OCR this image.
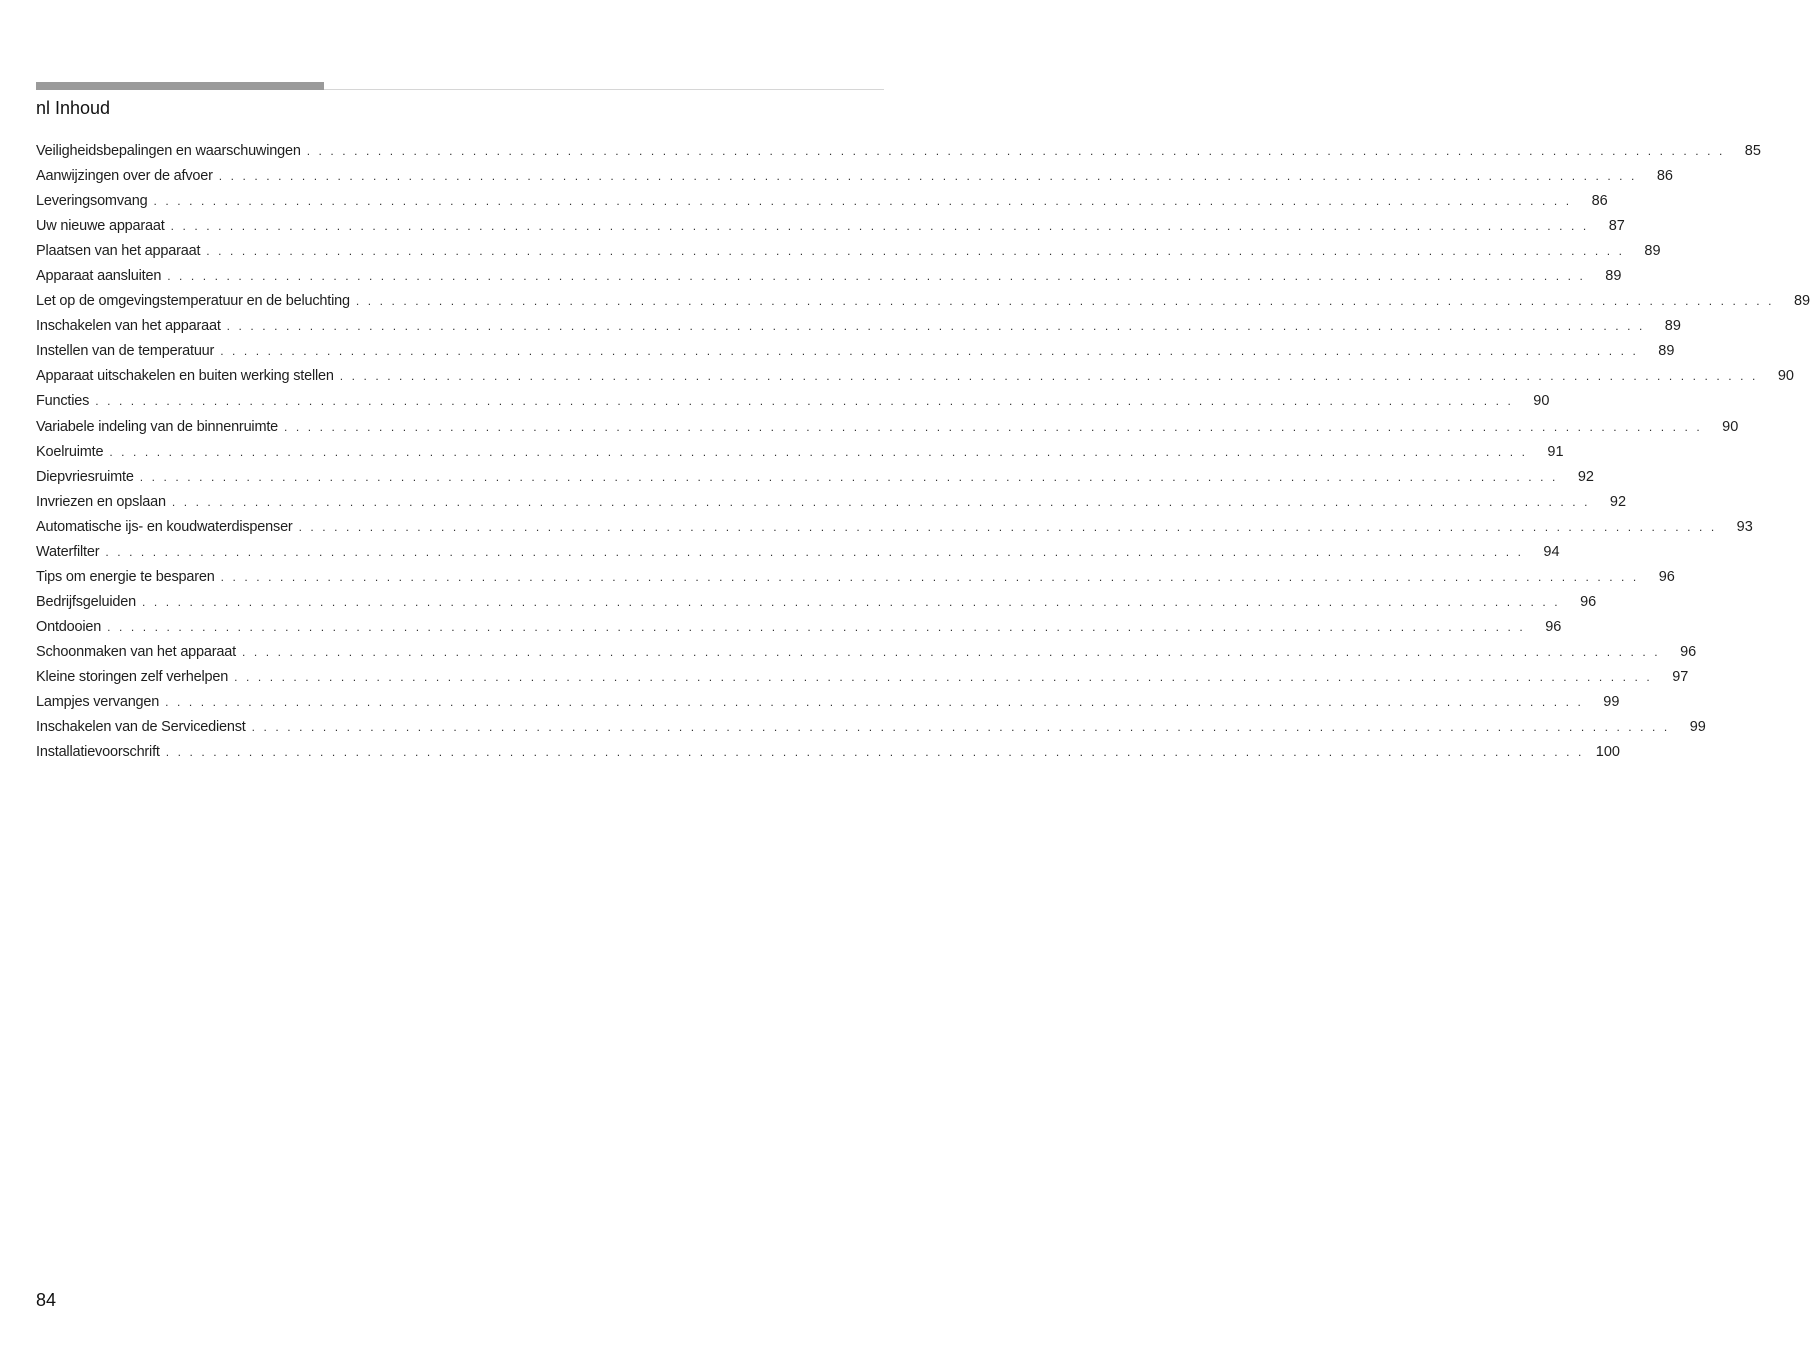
nl Inhoud
Veiligheidsbepalingen en waarschuwingen . . . . . . . . . . . . . . . . . . . . . . . . . . . . . . . . . . . . . . . . . . . . . . . . . . . . . . . . . . . . . . . . . . . . . . . . . . . . . . . . . . . . . . . . . . . . . . . . . . . . . . . . . . . . . . . . . . . . . . . .	85
Aanwijzingen over de afvoer . . . . . . . . . . . . . . . . . . . . . . . . . . . . . . . . . . . . . . . . . . . . . . . . . . . . . . . . . . . . . . . . . . . . . . . . . . . . . . . . . . . . . . . . . . . . . . . . . . . . . . . . . . . . . . . . . . . . . . . .	86
Leveringsomvang . . . . . . . . . . . . . . . . . . . . . . . . . . . . . . . . . . . . . . . . . . . . . . . . . . . . . . . . . . . . . . . . . . . . . . . . . . . . . . . . . . . . . . . . . . . . . . . . . . . . . . . . . . . . . . . . . . . . . . . .	86
Uw nieuwe apparaat . . . . . . . . . . . . . . . . . . . . . . . . . . . . . . . . . . . . . . . . . . . . . . . . . . . . . . . . . . . . . . . . . . . . . . . . . . . . . . . . . . . . . . . . . . . . . . . . . . . . . . . . . . . . . . . . . . . . . . . .	87
Plaatsen van het apparaat . . . . . . . . . . . . . . . . . . . . . . . . . . . . . . . . . . . . . . . . . . . . . . . . . . . . . . . . . . . . . . . . . . . . . . . . . . . . . . . . . . . . . . . . . . . . . . . . . . . . . . . . . . . . . . . . . . . . . . . .	89
Apparaat aansluiten . . . . . . . . . . . . . . . . . . . . . . . . . . . . . . . . . . . . . . . . . . . . . . . . . . . . . . . . . . . . . . . . . . . . . . . . . . . . . . . . . . . . . . . . . . . . . . . . . . . . . . . . . . . . . . . . . . . . . . . .	89
Let op de omgevingstemperatuur en de beluchting . . . . . . . . . . . . . . . . . . . . . . . . . . . . . . . . . . . . . . . . . . . . . . . . . . . . . . . . . . . . . . . . . . . . . . . . . . . . . . . . . . . . . . . . . . . . . . . . . . . . . . . . . . . . . . . . . . . . . . . .	89
Inschakelen van het apparaat . . . . . . . . . . . . . . . . . . . . . . . . . . . . . . . . . . . . . . . . . . . . . . . . . . . . . . . . . . . . . . . . . . . . . . . . . . . . . . . . . . . . . . . . . . . . . . . . . . . . . . . . . . . . . . . . . . . . . . . .	89
Instellen van de temperatuur . . . . . . . . . . . . . . . . . . . . . . . . . . . . . . . . . . . . . . . . . . . . . . . . . . . . . . . . . . . . . . . . . . . . . . . . . . . . . . . . . . . . . . . . . . . . . . . . . . . . . . . . . . . . . . . . . . . . . . . .	89
Apparaat uitschakelen en buiten werking stellen . . . . . . . . . . . . . . . . . . . . . . . . . . . . . . . . . . . . . . . . . . . . . . . . . . . . . . . . . . . . . . . . . . . . . . . . . . . . . . . . . . . . . . . . . . . . . . . . . . . . . . . . . . . . . . . . . . . . . . . .	90
Functies . . . . . . . . . . . . . . . . . . . . . . . . . . . . . . . . . . . . . . . . . . . . . . . . . . . . . . . . . . . . . . . . . . . . . . . . . . . . . . . . . . . . . . . . . . . . . . . . . . . . . . . . . . . . . . . . . . . . . . . .	90
Variabele indeling van de binnenruimte . . . . . . . . . . . . . . . . . . . . . . . . . . . . . . . . . . . . . . . . . . . . . . . . . . . . . . . . . . . . . . . . . . . . . . . . . . . . . . . . . . . . . . . . . . . . . . . . . . . . . . . . . . . . . . . . . . . . . . . .	90
Koelruimte . . . . . . . . . . . . . . . . . . . . . . . . . . . . . . . . . . . . . . . . . . . . . . . . . . . . . . . . . . . . . . . . . . . . . . . . . . . . . . . . . . . . . . . . . . . . . . . . . . . . . . . . . . . . . . . . . . . . . . . .	91
Diepvriesruimte . . . . . . . . . . . . . . . . . . . . . . . . . . . . . . . . . . . . . . . . . . . . . . . . . . . . . . . . . . . . . . . . . . . . . . . . . . . . . . . . . . . . . . . . . . . . . . . . . . . . . . . . . . . . . . . . . . . . . . . .	92
Invriezen en opslaan . . . . . . . . . . . . . . . . . . . . . . . . . . . . . . . . . . . . . . . . . . . . . . . . . . . . . . . . . . . . . . . . . . . . . . . . . . . . . . . . . . . . . . . . . . . . . . . . . . . . . . . . . . . . . . . . . . . . . . . .	92
Automatische ijs- en koudwaterdispenser . . . . . . . . . . . . . . . . . . . . . . . . . . . . . . . . . . . . . . . . . . . . . . . . . . . . . . . . . . . . . . . . . . . . . . . . . . . . . . . . . . . . . . . . . . . . . . . . . . . . . . . . . . . . . . . . . . . . . . . .	93
Waterfilter . . . . . . . . . . . . . . . . . . . . . . . . . . . . . . . . . . . . . . . . . . . . . . . . . . . . . . . . . . . . . . . . . . . . . . . . . . . . . . . . . . . . . . . . . . . . . . . . . . . . . . . . . . . . . . . . . . . . . . . .	94
Tips om energie te besparen . . . . . . . . . . . . . . . . . . . . . . . . . . . . . . . . . . . . . . . . . . . . . . . . . . . . . . . . . . . . . . . . . . . . . . . . . . . . . . . . . . . . . . . . . . . . . . . . . . . . . . . . . . . . . . . . . . . . . . . .	96
Bedrijfsgeluiden . . . . . . . . . . . . . . . . . . . . . . . . . . . . . . . . . . . . . . . . . . . . . . . . . . . . . . . . . . . . . . . . . . . . . . . . . . . . . . . . . . . . . . . . . . . . . . . . . . . . . . . . . . . . . . . . . . . . . . . .	96
Ontdooien . . . . . . . . . . . . . . . . . . . . . . . . . . . . . . . . . . . . . . . . . . . . . . . . . . . . . . . . . . . . . . . . . . . . . . . . . . . . . . . . . . . . . . . . . . . . . . . . . . . . . . . . . . . . . . . . . . . . . . . .	96
Schoonmaken van het apparaat . . . . . . . . . . . . . . . . . . . . . . . . . . . . . . . . . . . . . . . . . . . . . . . . . . . . . . . . . . . . . . . . . . . . . . . . . . . . . . . . . . . . . . . . . . . . . . . . . . . . . . . . . . . . . . . . . . . . . . . .	96
Kleine storingen zelf verhelpen . . . . . . . . . . . . . . . . . . . . . . . . . . . . . . . . . . . . . . . . . . . . . . . . . . . . . . . . . . . . . . . . . . . . . . . . . . . . . . . . . . . . . . . . . . . . . . . . . . . . . . . . . . . . . . . . . . . . . . . .	97
Lampjes vervangen . . . . . . . . . . . . . . . . . . . . . . . . . . . . . . . . . . . . . . . . . . . . . . . . . . . . . . . . . . . . . . . . . . . . . . . . . . . . . . . . . . . . . . . . . . . . . . . . . . . . . . . . . . . . . . . . . . . . . . . .	99
Inschakelen van de Servicedienst . . . . . . . . . . . . . . . . . . . . . . . . . . . . . . . . . . . . . . . . . . . . . . . . . . . . . . . . . . . . . . . . . . . . . . . . . . . . . . . . . . . . . . . . . . . . . . . . . . . . . . . . . . . . . . . . . . . . . . . .	99
Installatievoorschrift . . . . . . . . . . . . . . . . . . . . . . . . . . . . . . . . . . . . . . . . . . . . . . . . . . . . . . . . . . . . . . . . . . . . . . . . . . . . . . . . . . . . . . . . . . . . . . . . . . . . . . . . . . . . . . . . . . . . . . . . 100
84
